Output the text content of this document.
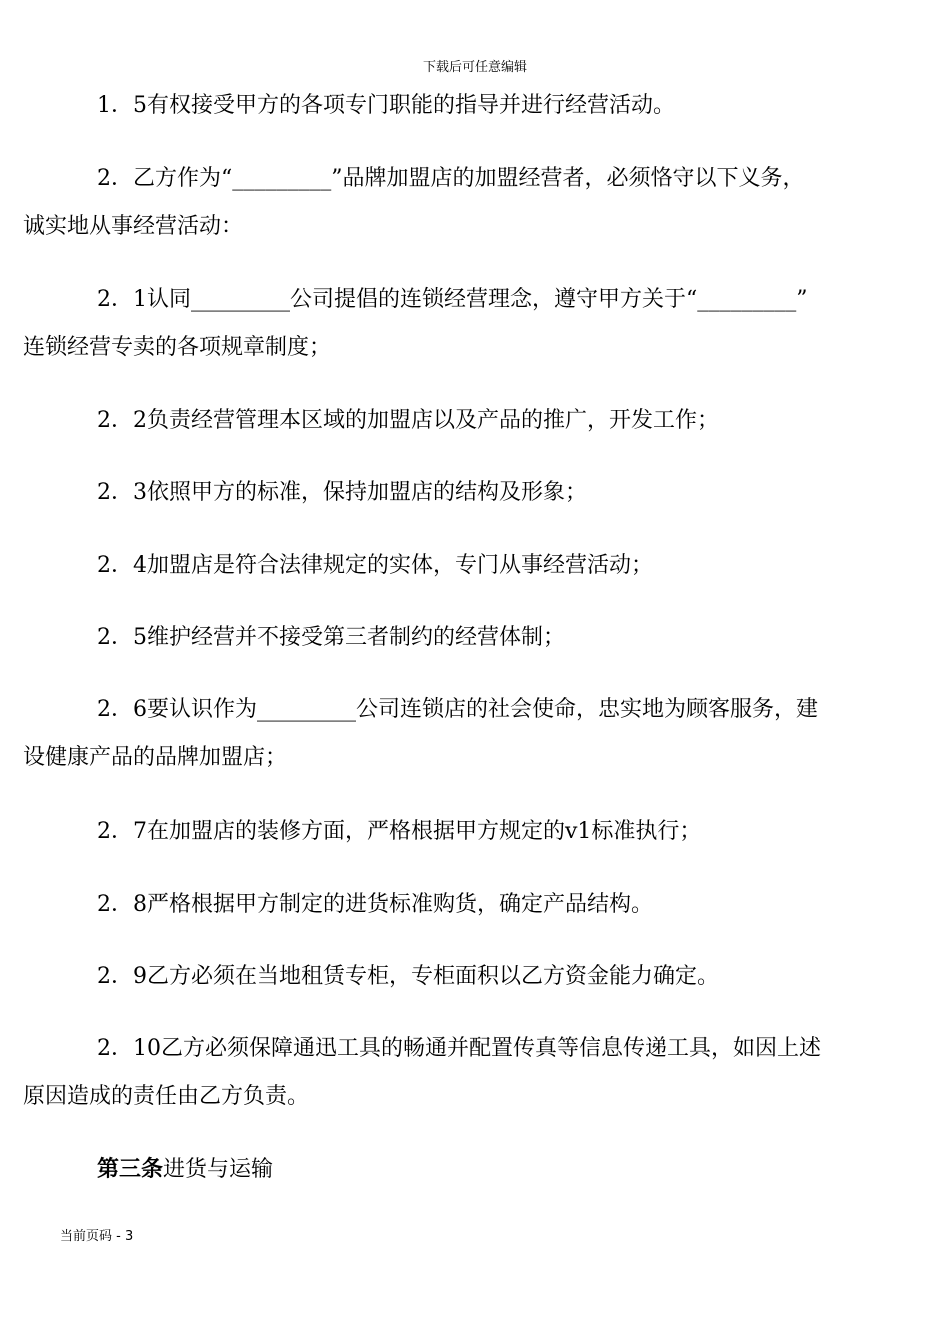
下载后可任意编辑

1．5有权接受甲方的各项专门职能的指导并进行经营活动。

2．乙方作为“_________”品牌加盟店的加盟经营者，必须恪守以下义务，
诚实地从事经营活动：

2．1认同_________公司提倡的连锁经营理念，遵守甲方关于“_________”
连锁经营专卖的各项规章制度；

2．2负责经营管理本区域的加盟店以及产品的推广，开发工作；

2．3依照甲方的标准，保持加盟店的结构及形象；

2．4加盟店是符合法律规定的实体，专门从事经营活动；

2．5维护经营并不接受第三者制约的经营体制；

2．6要认识作为_________公司连锁店的社会使命，忠实地为顾客服务，建
设健康产品的品牌加盟店；

2．7在加盟店的装修方面，严格根据甲方规定的v1标准执行；

2．8严格根据甲方制定的进货标准购货，确定产品结构。

2．9乙方必须在当地租赁专柜，专柜面积以乙方资金能力确定。

2．10乙方必须保障通迅工具的畅通并配置传真等信息传递工具，如因上述
原因造成的责任由乙方负责。

第三条进货与运输

当前页码 - 3
